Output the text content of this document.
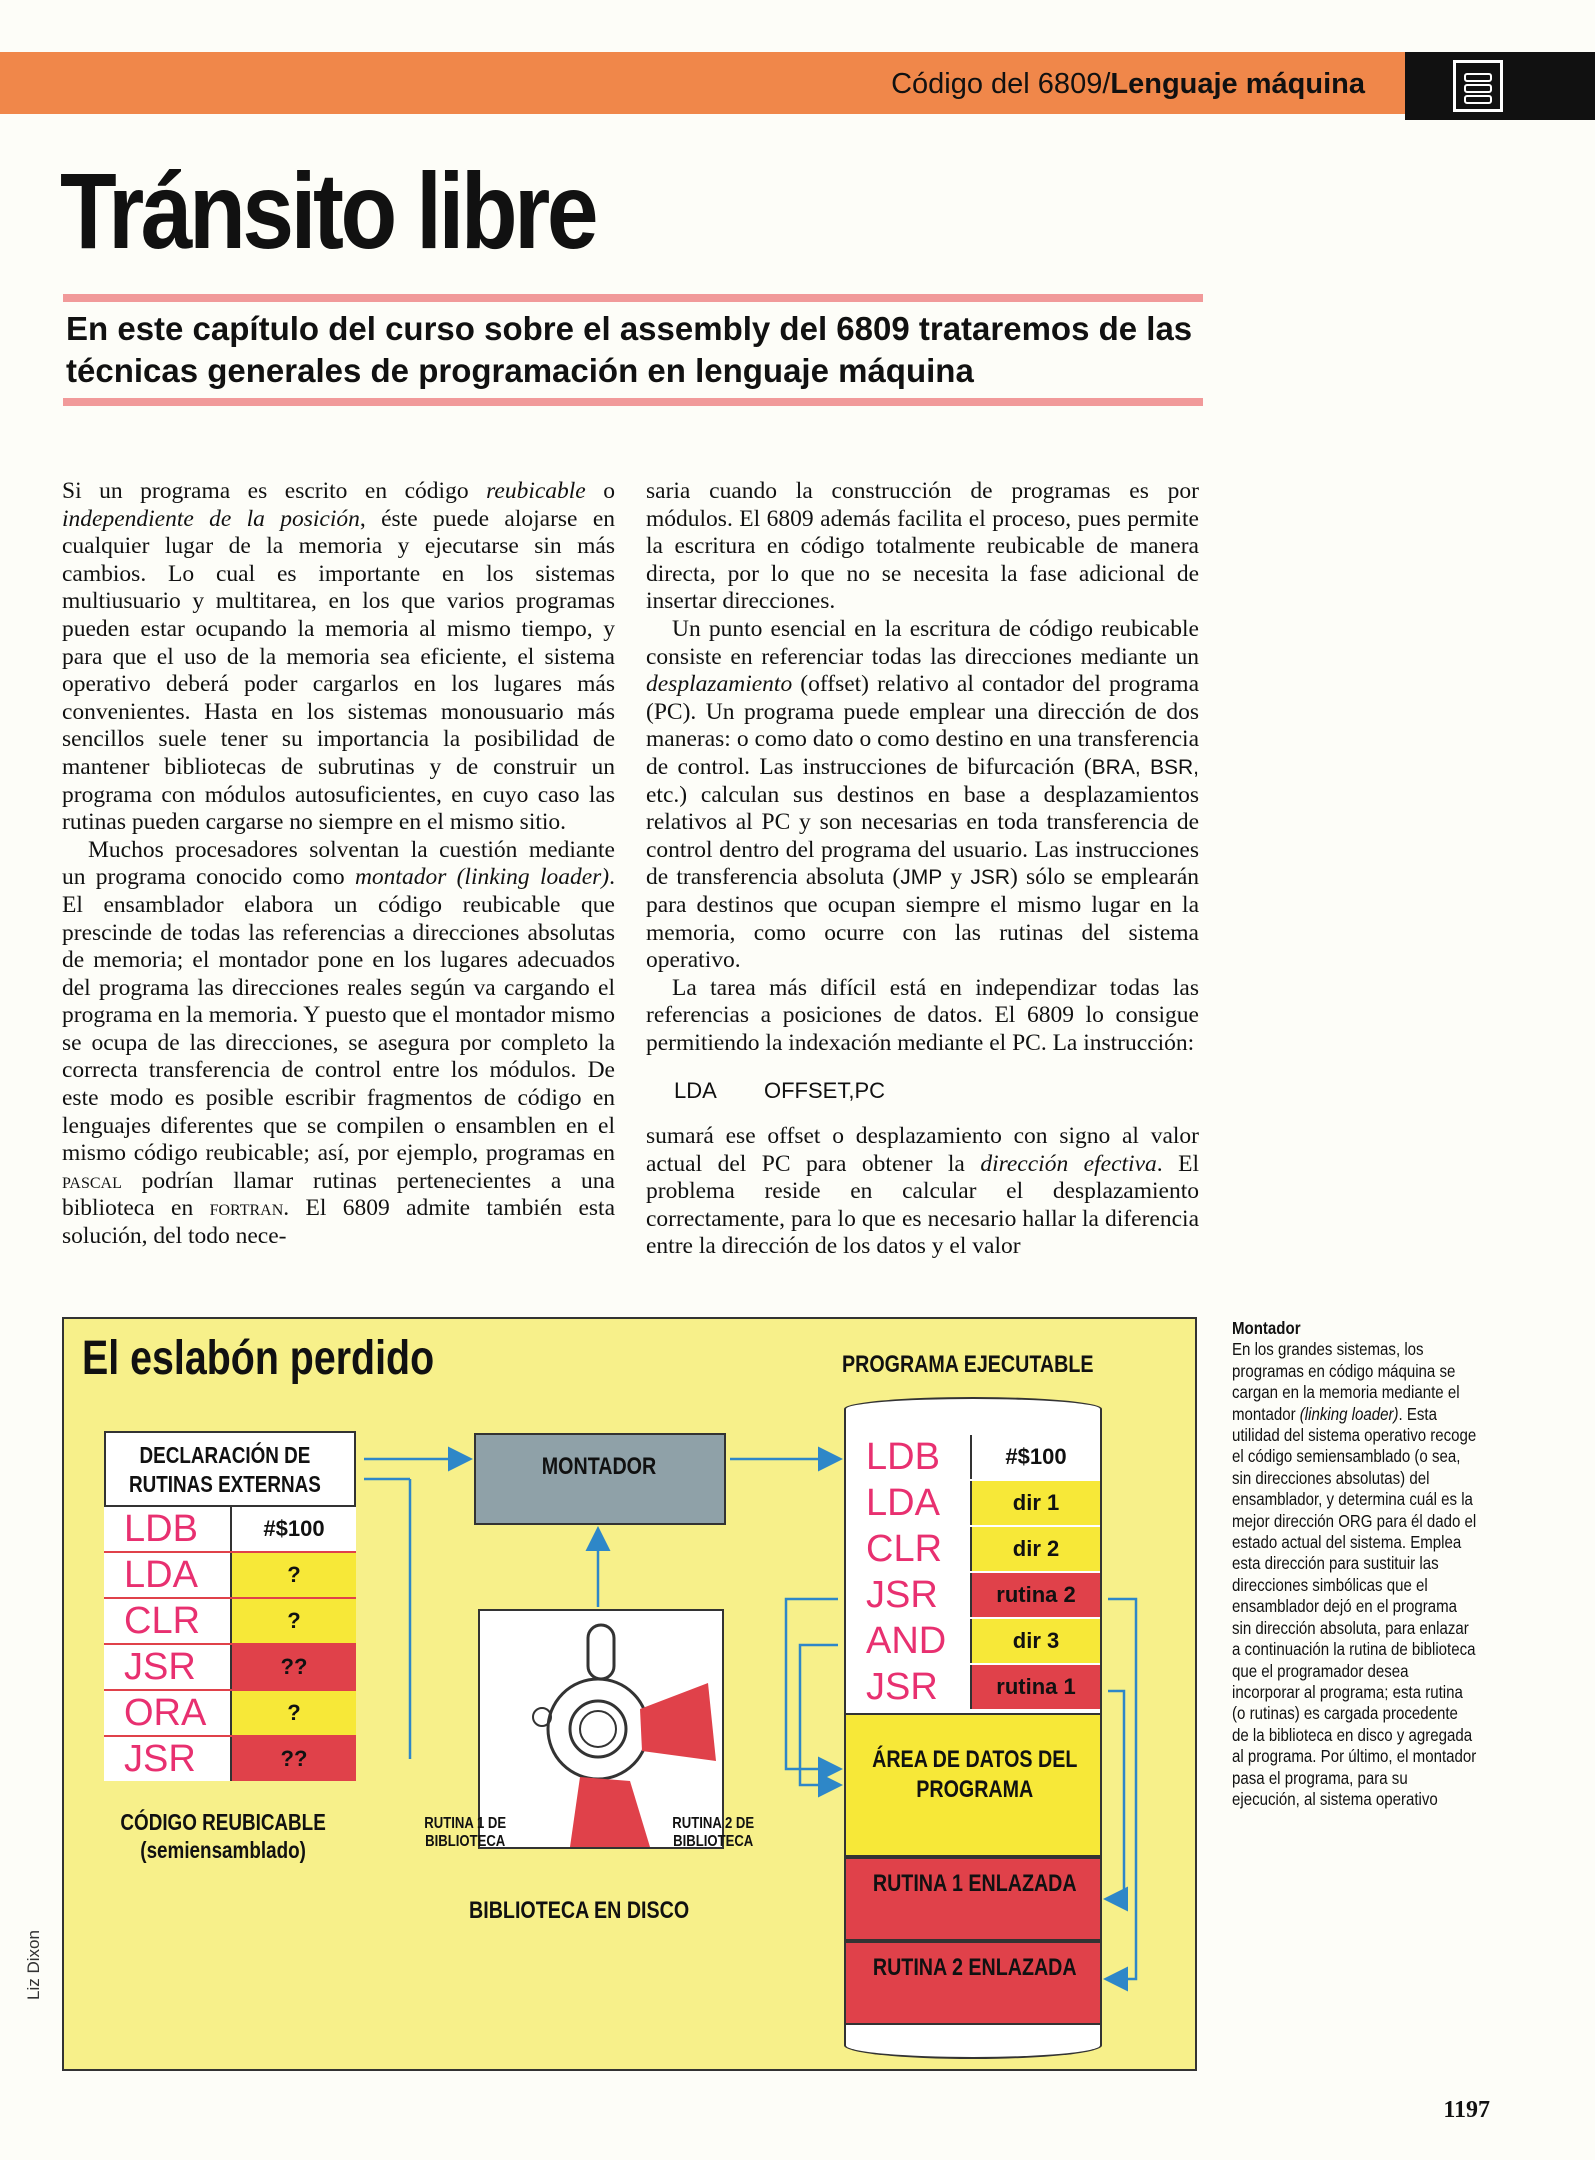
Código del 6809/Lenguaje máquina
Tránsito libre
En este capítulo del curso sobre el assembly del 6809 trataremos de las técnicas generales de programación en lenguaje máquina

Si un programa es escrito en código reubicable o independiente de la posición, éste puede alojarse en cualquier lugar de la memoria y ejecutarse sin más cambios. Lo cual es importante en los sistemas multiusuario y multitarea, en los que varios programas pueden estar ocupando la memoria al mismo tiempo, y para que el uso de la memoria sea eficiente, el sistema operativo deberá poder cargarlos en los lugares más convenientes. Hasta en los sistemas monousuario más sencillos suele tener su importancia la posibilidad de mantener bibliotecas de subrutinas y de construir un programa con módulos autosuficientes, en cuyo caso las rutinas pueden cargarse no siempre en el mismo sitio.

Muchos procesadores solventan la cuestión mediante un programa conocido como montador (linking loader). El ensamblador elabora un código reubicable que prescinde de todas las referencias a direcciones absolutas de memoria; el montador pone en los lugares adecuados del programa las direcciones reales según va cargando el programa en la memoria. Y puesto que el montador mismo se ocupa de las direcciones, se asegura por completo la correcta transferencia de control entre los módulos. De este modo es posible escribir fragmentos de código en lenguajes diferentes que se compilen o ensamblen en el mismo código reubicable; así, por ejemplo, programas en pascal podrían llamar rutinas pertenecientes a una biblioteca en fortran. El 6809 admite también esta solución, del todo nece-

saria cuando la construcción de programas es por módulos. El 6809 además facilita el proceso, pues permite la escritura en código totalmente reubicable de manera directa, por lo que no se necesita la fase adicional de insertar direcciones.

Un punto esencial en la escritura de código reubicable consiste en referenciar todas las direcciones mediante un desplazamiento (offset) relativo al contador del programa (PC). Un programa puede emplear una dirección de dos maneras: o como dato o como destino en una transferencia de control. Las instrucciones de bifurcación (BRA, BSR, etc.) calculan sus destinos en base a desplazamientos relativos al PC y son necesarias en toda transferencia de control dentro del programa del usuario. Las instrucciones de transferencia absoluta (JMP y JSR) sólo se emplearán para destinos que ocupan siempre el mismo lugar en la memoria, como ocurre con las rutinas del sistema operativo.

La tarea más difícil está en independizar todas las referencias a posiciones de datos. El 6809 lo consigue permitiendo la indexación mediante el PC. La instrucción:

LDA OFFSET,PC

sumará ese offset o desplazamiento con signo al valor actual del PC para obtener la dirección efectiva. El problema reside en calcular el desplazamiento correctamente, para lo que es necesario hallar la diferencia entre la dirección de los datos y el valor

El eslabón perdido
DECLARACIÓN DE RUTINAS EXTERNAS
LDB	#$100
LDA	?
CLR	?
JSR	??
ORA	?
JSR	??
CÓDIGO REUBICABLE
(semiensamblado)
MONTADOR
RUTINA 1 DE BIBLIOTECA
RUTINA 2 DE BIBLIOTECA
BIBLIOTECA EN DISCO
PROGRAMA EJECUTABLE
LDB	#$100
LDA	dir 1
CLR	dir 2
JSR	rutina 2
AND	dir 3
JSR	rutina 1
ÁREA DE DATOS DEL PROGRAMA
RUTINA 1 ENLAZADA
RUTINA 2 ENLAZADA
Montador
En los grandes sistemas, los programas en código máquina se cargan en la memoria mediante el montador (linking loader). Esta utilidad del sistema operativo recoge el código semiensamblado (o sea, sin direcciones absolutas) del ensamblador, y determina cuál es la mejor dirección ORG para él dado el estado actual del sistema. Emplea esta dirección para sustituir las direcciones simbólicas que el ensamblador dejó en el programa sin dirección absoluta, para enlazar a continuación la rutina de biblioteca que el programador desea incorporar al programa; esta rutina (o rutinas) es cargada procedente de la biblioteca en disco y agregada al programa. Por último, el montador pasa el programa, para su ejecución, al sistema operativo
Liz Dixon
1197
